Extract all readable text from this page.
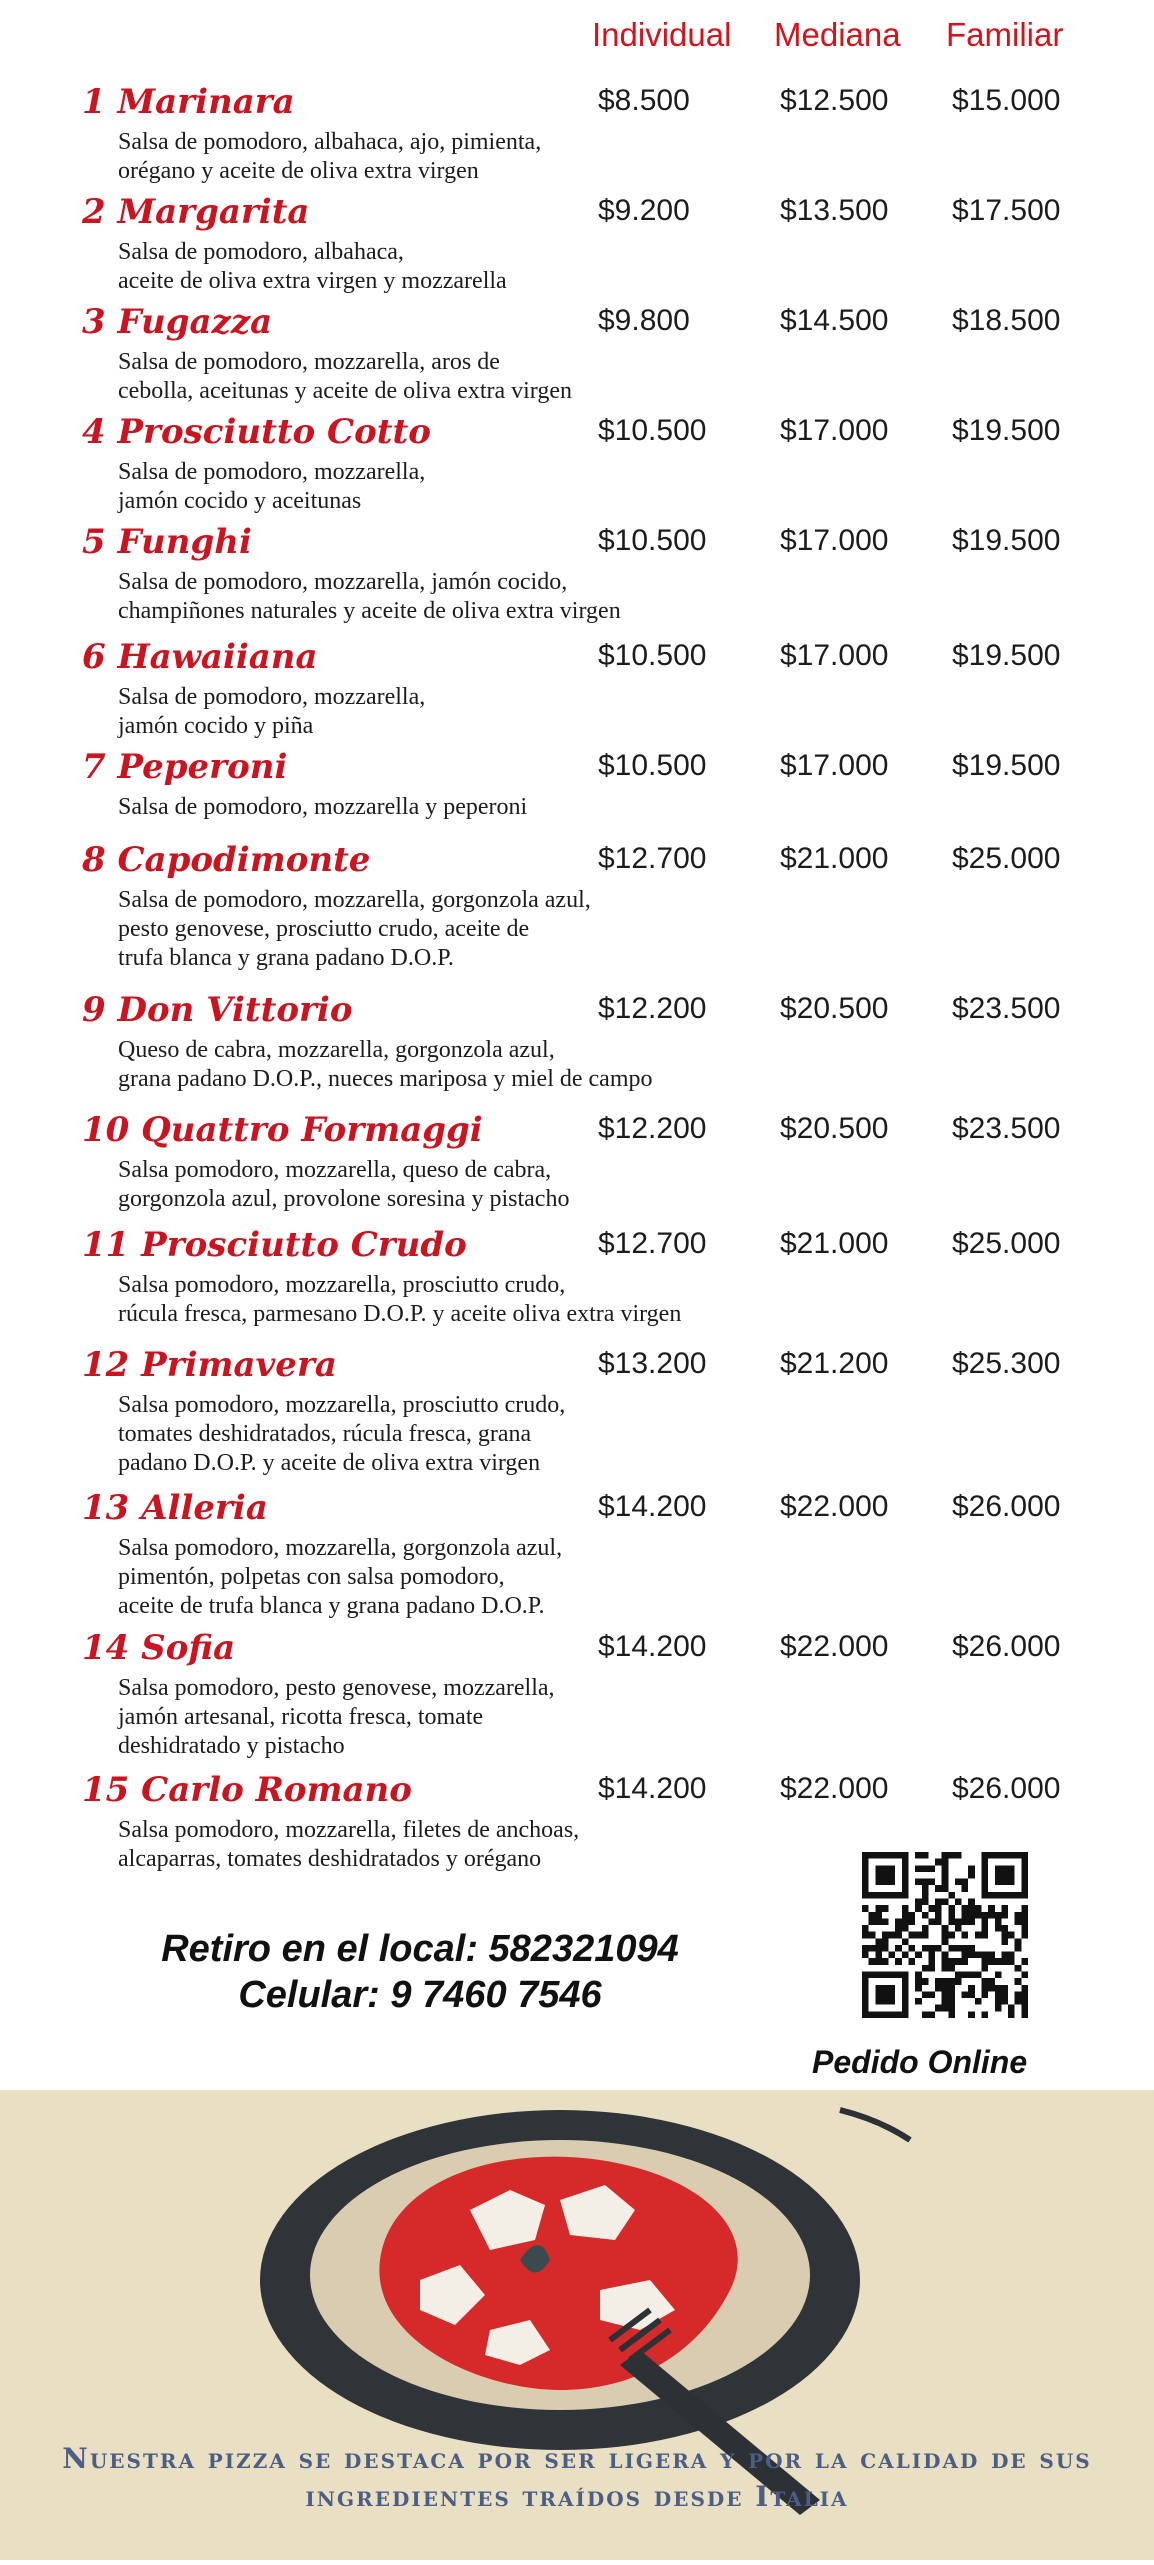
Individual Mediana Familiar
1 Marinara
Salsa de pomodoro, albahaca, ajo, pimienta,
orégano y aceite de oliva extra virgen
$8.500	$12.500 $15.000
2 Margarita
Salsa de pomodoro, albahaca,
aceite de oliva extra virgen y mozzarella
$9.200	$13.500 $17.500
3 Fugazza
Salsa de pomodoro, mozzarella, aros de
cebolla, aceitunas y aceite de oliva extra virgen
$9.800	$14.500 $18.500
4 Prosciutto Cotto
Salsa de pomodoro, mozzarella,
jamón cocido y aceitunas
$10.500 $17.000 $19.500
5 Funghi
Salsa de pomodoro, mozzarella, jamón cocido,
champiñones naturales y aceite de oliva extra virgen
$10.500 $17.000 $19.500
6 Hawaiiana
Salsa de pomodoro, mozzarella,
jamón cocido y piña
$10.500 $17.000 $19.500
7 Peperoni
Salsa de pomodoro, mozzarella y peperoni
$10.500 $17.000 $19.500
8 Capodimonte
Salsa de pomodoro, mozzarella, gorgonzola azul,
pesto genovese, prosciutto crudo, aceite de
trufa blanca y grana padano D.O.P.
$12.700 $21.000 $25.000
9 Don Vittorio
Queso de cabra, mozzarella, gorgonzola azul,
grana padano D.O.P., nueces mariposa y miel de campo
$12.200 $20.500 $23.500
10 Quattro Formaggi
Salsa pomodoro, mozzarella, queso de cabra,
gorgonzola azul, provolone soresina y pistacho
$12.200 $20.500 $23.500
11 Prosciutto Crudo
Salsa pomodoro, mozzarella, prosciutto crudo,
rúcula fresca, parmesano D.O.P. y aceite oliva extra virgen
$12.700 $21.000 $25.000
12 Primavera
Salsa pomodoro, mozzarella, prosciutto crudo,
tomates deshidratados, rúcula fresca, grana
padano D.O.P. y aceite de oliva extra virgen
$13.200 $21.200 $25.300
13 Alleria
Salsa pomodoro, mozzarella, gorgonzola azul,
pimentón, polpetas con salsa pomodoro,
aceite de trufa blanca y grana padano D.O.P.
$14.200 $22.000 $26.000
14 Sofia
Salsa pomodoro, pesto genovese, mozzarella,
jamón artesanal, ricotta fresca, tomate
deshidratado y pistacho
$14.200 $22.000 $26.000
15 Carlo Romano
Salsa pomodoro, mozzarella, filetes de anchoas,
alcaparras, tomates deshidratados y orégano
$14.200 $22.000 $26.000
Retiro en el local: 582321094
Celular: 9 7460 7546
Pedido Online
Nuestra pizza se destaca por ser ligera y por la calidad de sus
ingredientes traídos desde Italia
